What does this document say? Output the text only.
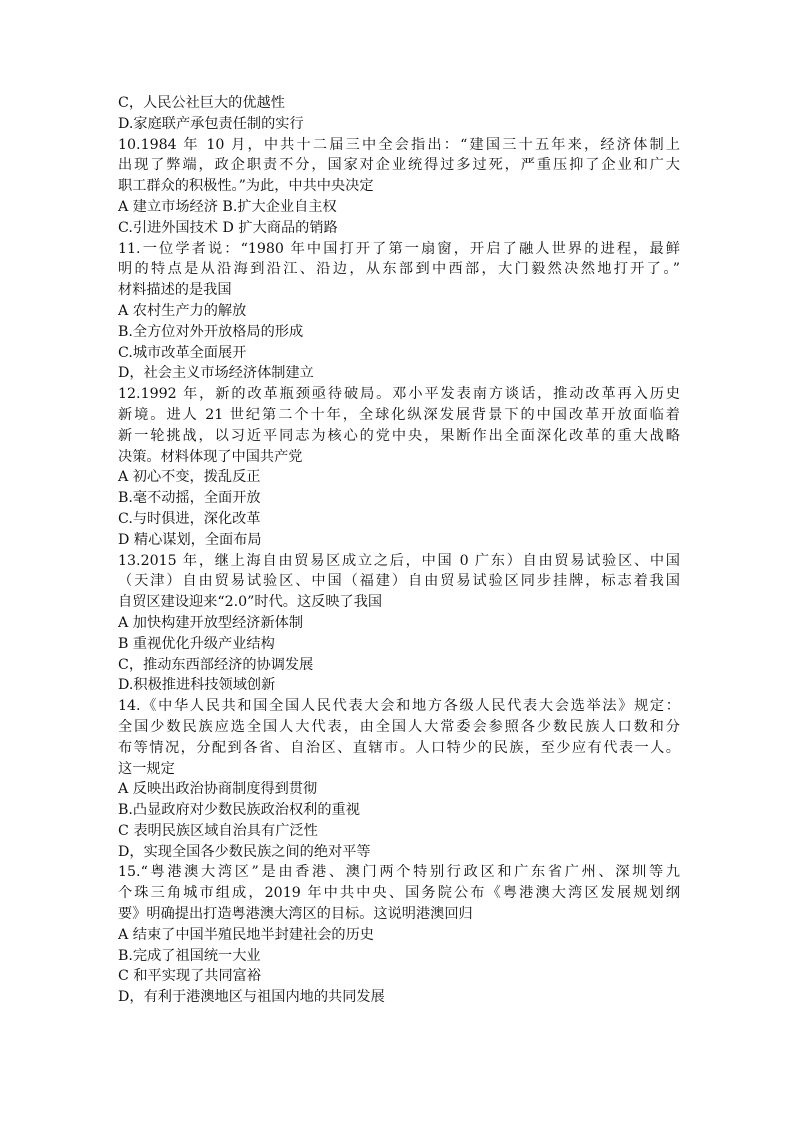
C，人民公社巨大的优越性
D.家庭联产承包责任制的实行
10.1984 年 10 月，中共十二届三中全会指出：“建国三十五年来，经济体制上
出现了弊端，政企职责不分，国家对企业统得过多过死，严重压抑了企业和广大
职工群众的积极性。”为此，中共中央决定
A 建立市场经济 B.扩大企业自主权
C.引进外国技术 D 扩大商品的销路
11.一位学者说：“1980 年中国打开了第一扇窗，开启了融人世界的进程，最鲜
明的特点是从沿海到沿江、沿边，从东部到中西部，大门毅然决然地打开了。”
材料描述的是我国
A 农村生产力的解放
B.全方位对外开放格局的形成
C.城市改革全面展开
D，社会主义市场经济体制建立
12.1992 年，新的改革瓶颈亟待破局。邓小平发表南方谈话，推动改革再入历史
新境。进人 21 世纪第二个十年，全球化纵深发展背景下的中国改革开放面临着
新一轮挑战，以习近平同志为核心的党中央，果断作出全面深化改革的重大战略
决策。材料体现了中国共产党
A 初心不变，拨乱反正
B.毫不动摇，全面开放
C.与时俱进，深化改革
D 精心谋划，全面布局
13.2015 年，继上海自由贸易区成立之后，中国 0 广东）自由贸易试验区、中国
（天津）自由贸易试验区、中国（福建）自由贸易试验区同步挂牌，标志着我国
自贸区建设迎来“2.0”时代。这反映了我国
A 加快构建开放型经济新体制
B 重视优化升级产业结构
C，推动东西部经济的协调发展
D.积极推进科技领域创新
14.《中华人民共和国全国人民代表大会和地方各级人民代表大会选举法》规定：
全国少数民族应选全国人大代表，由全国人大常委会参照各少数民族人口数和分
布等情况，分配到各省、自治区、直辖市。人口特少的民族，至少应有代表一人。
这一规定
A 反映出政治协商制度得到贯彻
B.凸显政府对少数民族政治权利的重视
C 表明民族区域自治具有广泛性
D，实现全国各少数民族之间的绝对平等
15.“粤港澳大湾区”是由香港、澳门两个特别行政区和广东省广州、深圳等九
个珠三角城市组成，2019 年中共中央、国务院公布《粤港澳大湾区发展规划纲
要》明确提出打造粤港澳大湾区的目标。这说明港澳回归
A 结束了中国半殖民地半封建社会的历史
B.完成了祖国统一大业
C 和平实现了共同富裕
D，有利于港澳地区与祖国内地的共同发展
